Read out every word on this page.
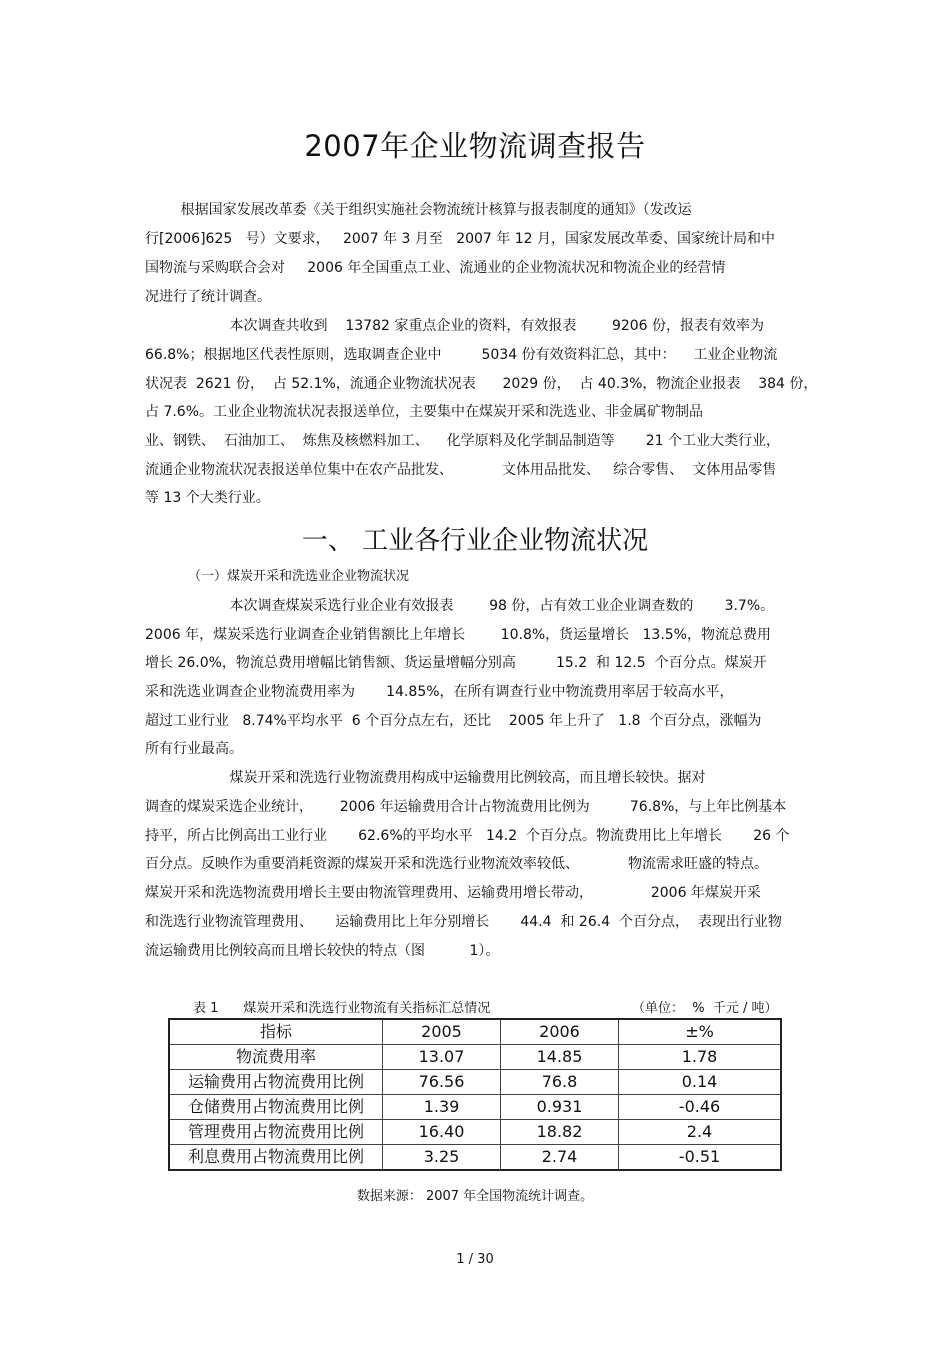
2007年企业物流调查报告
根据国家发展改革委《关于组织实施社会物流统计核算与报表制度的通知》（发改运
行[2006]625   号）文要求，   2007 年 3 月至   2007 年 12 月，国家发展改革委、国家统计局和中
国物流与采购联合会对     2006 年全国重点工业、流通业的企业物流状况和物流企业的经营情
况进行了统计调查。
本次调查共收到    13782 家重点企业的资料，有效报表        9206 份，报表有效率为
66.8%；根据地区代表性原则，选取调查企业中         5034 份有效资料汇总，其中：    工业企业物流
状况表  2621 份，  占 52.1%，流通企业物流状况表      2029 份，  占 40.3%，物流企业报表    384 份，
占 7.6%。工业企业物流状况表报送单位，主要集中在煤炭开采和洗选业、非金属矿物制品
业、钢铁、  石油加工、  炼焦及核燃料加工、    化学原料及化学制品制造等       21 个工业大类行业，
流通企业物流状况表报送单位集中在农产品批发、           文体用品批发、   综合零售、  文体用品零售
等 13 个大类行业。
一、 工业各行业企业物流状况
（一）煤炭开采和洗选业企业物流状况
本次调查煤炭采选行业企业有效报表        98 份，占有效工业企业调查数的       3.7%。
2006 年，煤炭采选行业调查企业销售额比上年增长        10.8%，货运量增长   13.5%，物流总费用
增长 26.0%，物流总费用增幅比销售额、货运量增幅分别高         15.2  和 12.5  个百分点。煤炭开
采和洗选业调查企业物流费用率为       14.85%，在所有调查行业中物流费用率居于较高水平，
超过工业行业   8.74%平均水平  6 个百分点左右，还比    2005 年上升了   1.8  个百分点，涨幅为
所有行业最高。
煤炭开采和洗选行业物流费用构成中运输费用比例较高，而且增长较快。据对
调查的煤炭采选企业统计，      2006 年运输费用合计占物流费用比例为         76.8%，与上年比例基本
持平，所占比例高出工业行业       62.6%的平均水平   14.2  个百分点。物流费用比上年增长       26 个
百分点。反映作为重要消耗资源的煤炭开采和洗选行业物流效率较低、           物流需求旺盛的特点。
煤炭开采和洗选物流费用增长主要由物流管理费用、运输费用增长带动，             2006 年煤炭开采
和洗选行业物流管理费用、     运输费用比上年分别增长       44.4  和 26.4  个百分点，  表现出行业物
流运输费用比例较高而且增长较快的特点（图          1）。
表 1      煤炭开采和洗选行业物流有关指标汇总情况	（单位：  %  千元 / 吨）
指标	2005	2006	±%
物流费用率	13.07	14.85	1.78
运输费用占物流费用比例	76.56	76.8	0.14
仓储费用占物流费用比例	1.39	0.931	-0.46
管理费用占物流费用比例	16.40	18.82	2.4
利息费用占物流费用比例	3.25	2.74	-0.51
数据来源： 2007 年全国物流统计调查。
1 / 30
